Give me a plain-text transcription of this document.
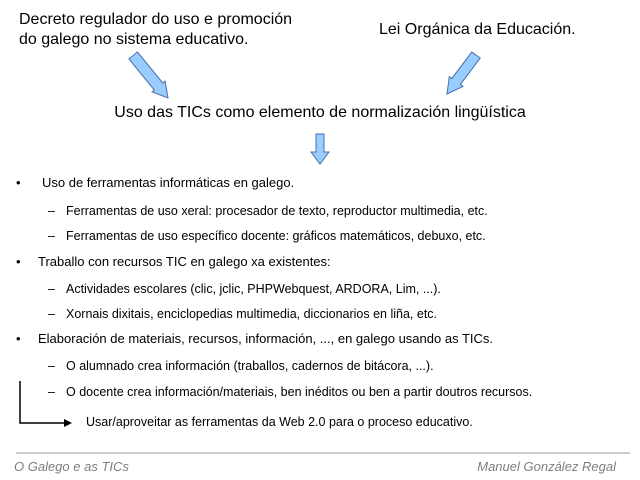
Decreto regulador do uso e promoción
do galego no sistema educativo.
Lei Orgánica da Educación.
Uso das TICs como elemento de normalización lingüística
• Uso de ferramentas informáticas en galego.
– Ferramentas de uso xeral: procesador de texto, reproductor multimedia, etc.
– Ferramentas de uso específico docente: gráficos matemáticos, debuxo, etc.
• Traballo con recursos TIC en galego xa existentes:
– Actividades escolares (clic, jclic, PHPWebquest, ARDORA, Lim, ...).
– Xornais dixitais, enciclopedias multimedia, diccionarios en liña, etc.
• Elaboración de materiais, recursos, información, ..., en galego usando as TICs.
– O alumnado crea información (traballos, cadernos de bitácora, ...).
– O docente crea información/materiais, ben inéditos ou ben a partir doutros recursos.
Usar/aproveitar as ferramentas da Web 2.0 para o proceso educativo.
O Galego e as TICs	Manuel González Regal
